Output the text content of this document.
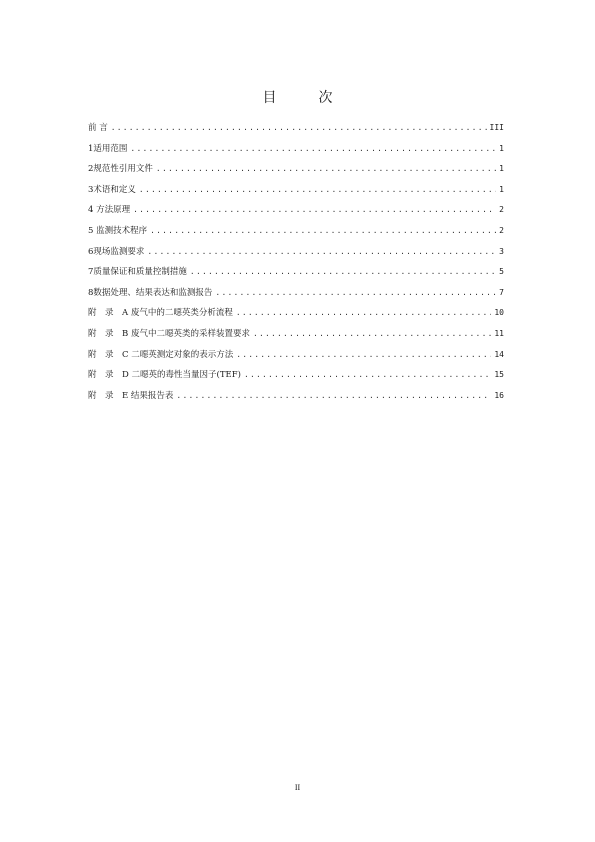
目　次
前 言 .....	III
1适用范围 .....	1
2规范性引用文件 .....	1
3术语和定义 .....	1
4 方法原理 .....	2
5 监测技术程序 .....	2
6现场监测要求 .....	3
7质量保证和质量控制措施 .....	5
8数据处理、结果表达和监测报告 .....	7
附　录　A 废气中的二噁英类分析流程 .....	10
附　录　B 废气中二噁英类的采样装置要求 .....	11
附　录　C 二噁英测定对象的表示方法 .....	14
附　录　D 二噁英的毒性当量因子(TEF) .....	15
附　录　E 结果报告表 .....	16
II
